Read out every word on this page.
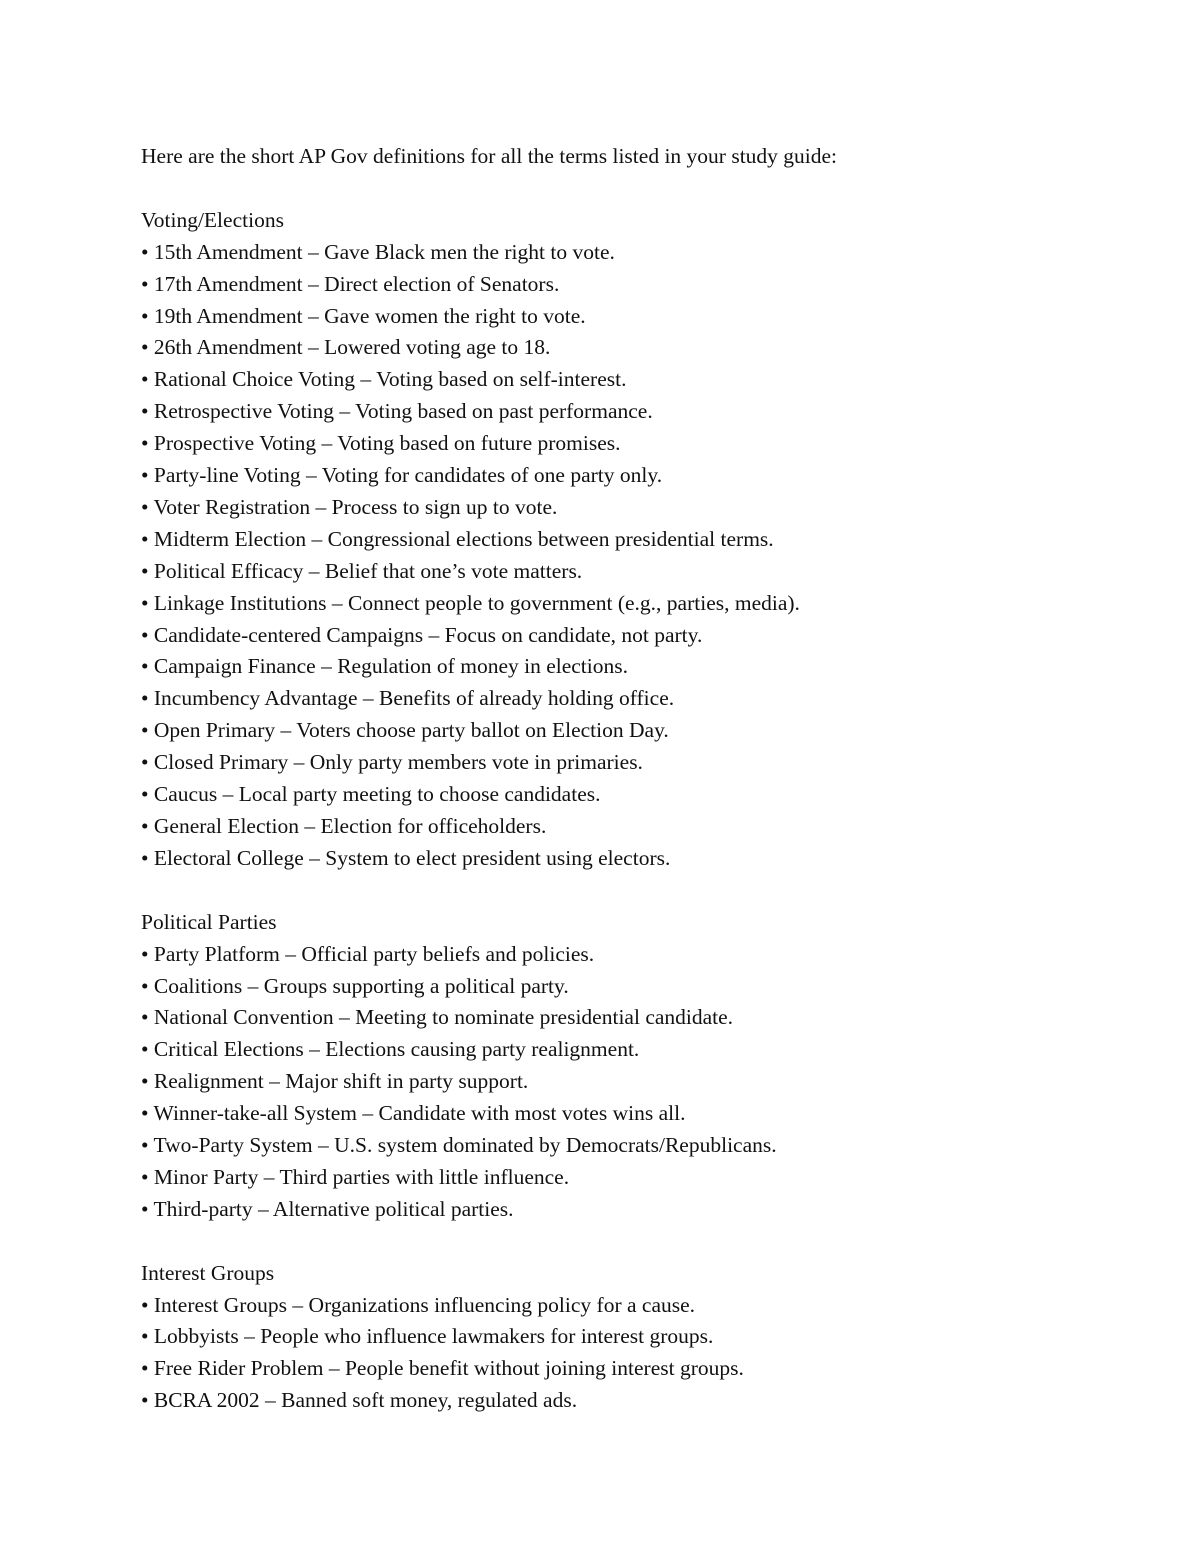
Here are the short AP Gov definitions for all the terms listed in your study guide:

Voting/Elections

• 15th Amendment – Gave Black men the right to vote.
• 17th Amendment – Direct election of Senators.
• 19th Amendment – Gave women the right to vote.
• 26th Amendment – Lowered voting age to 18.
• Rational Choice Voting – Voting based on self-interest.
• Retrospective Voting – Voting based on past performance.
• Prospective Voting – Voting based on future promises.
• Party-line Voting – Voting for candidates of one party only.
• Voter Registration – Process to sign up to vote.
• Midterm Election – Congressional elections between presidential terms.
• Political Efficacy – Belief that one’s vote matters.
• Linkage Institutions – Connect people to government (e.g., parties, media).
• Candidate-centered Campaigns – Focus on candidate, not party.
• Campaign Finance – Regulation of money in elections.
• Incumbency Advantage – Benefits of already holding office.
• Open Primary – Voters choose party ballot on Election Day.
• Closed Primary – Only party members vote in primaries.
• Caucus – Local party meeting to choose candidates.
• General Election – Election for officeholders.
• Electoral College – System to elect president using electors.

Political Parties

• Party Platform – Official party beliefs and policies.
• Coalitions – Groups supporting a political party.
• National Convention – Meeting to nominate presidential candidate.
• Critical Elections – Elections causing party realignment.
• Realignment – Major shift in party support.
• Winner-take-all System – Candidate with most votes wins all.
• Two-Party System – U.S. system dominated by Democrats/Republicans.
• Minor Party – Third parties with little influence.
• Third-party – Alternative political parties.

Interest Groups

• Interest Groups – Organizations influencing policy for a cause.
• Lobbyists – People who influence lawmakers for interest groups.
• Free Rider Problem – People benefit without joining interest groups.
• BCRA 2002 – Banned soft money, regulated ads.
